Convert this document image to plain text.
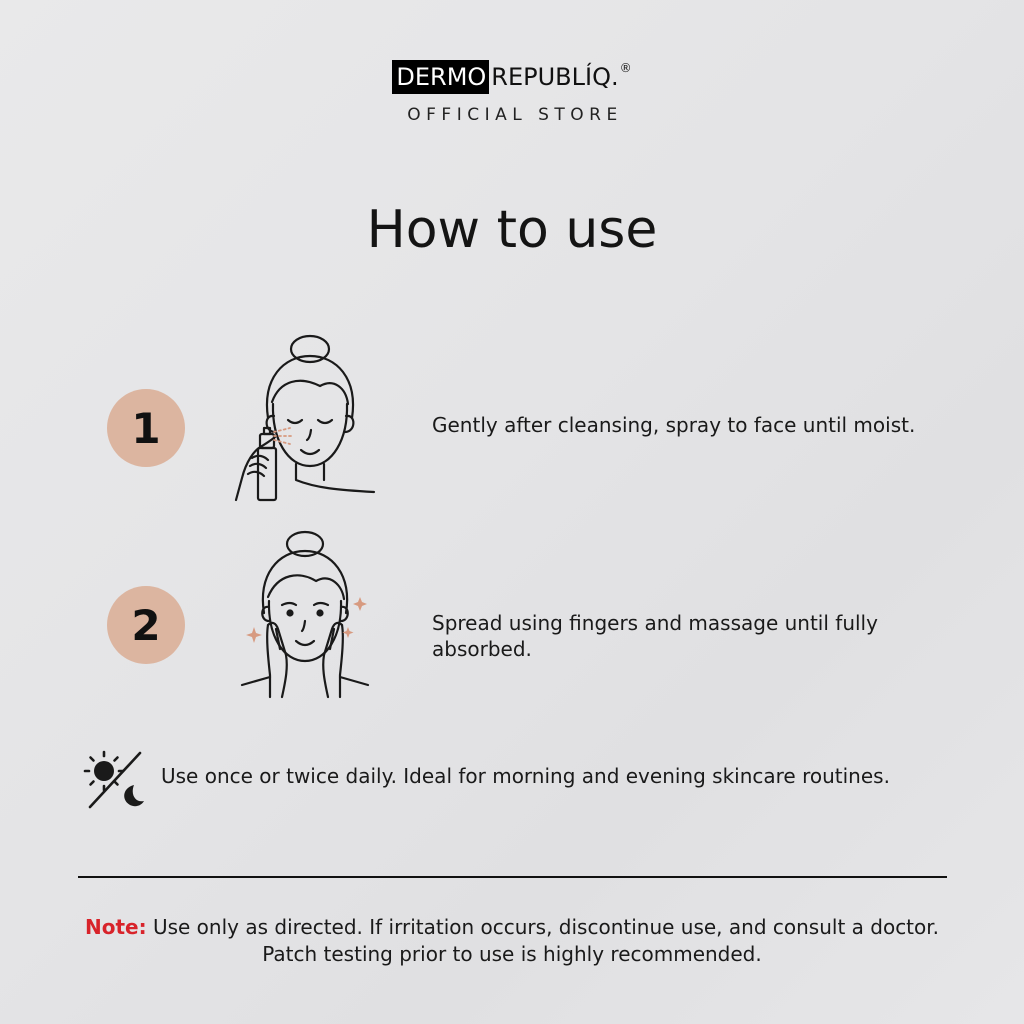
DERMO REPUBLÍQ. ®
OFFICIAL STORE
How to use
1	Gently after cleansing, spray to face until moist.
2	Spread using fingers and massage until fully absorbed.
Use once or twice daily. Ideal for morning and evening skincare routines.
Note: Use only as directed. If irritation occurs, discontinue use, and consult a doctor.
Patch testing prior to use is highly recommended.
